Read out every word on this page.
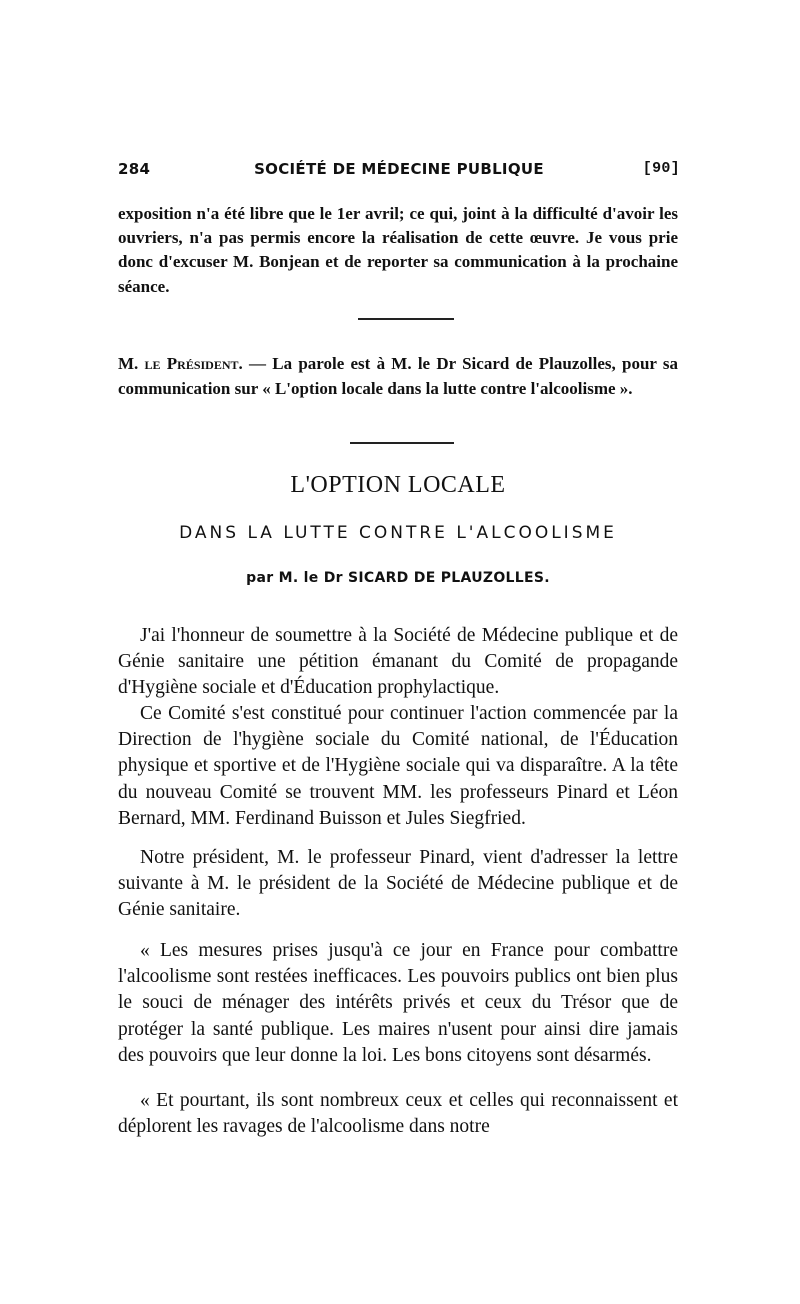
284	SOCIÉTÉ DE MÉDECINE PUBLIQUE	[90]

exposition n'a été libre que le 1er avril; ce qui, joint à la difficulté d'avoir les ouvriers, n'a pas permis encore la réalisation de cette œuvre. Je vous prie donc d'excuser M. Bonjean et de reporter sa communication à la prochaine séance.

M. le Président. — La parole est à M. le Dr Sicard de Plauzolles, pour sa communication sur « L'option locale dans la lutte contre l'alcoolisme ».

L'OPTION LOCALE
DANS LA LUTTE CONTRE L'ALCOOLISME
par M. le Dr SICARD DE PLAUZOLLES.

J'ai l'honneur de soumettre à la Société de Médecine publique et de Génie sanitaire une pétition émanant du Comité de propagande d'Hygiène sociale et d'Éducation prophylactique.

Ce Comité s'est constitué pour continuer l'action commencée par la Direction de l'hygiène sociale du Comité national, de l'Éducation physique et sportive et de l'Hygiène sociale qui va disparaître. A la tête du nouveau Comité se trouvent MM. les professeurs Pinard et Léon Bernard, MM. Ferdinand Buisson et Jules Siegfried.

Notre président, M. le professeur Pinard, vient d'adresser la lettre suivante à M. le président de la Société de Médecine publique et de Génie sanitaire.

« Les mesures prises jusqu'à ce jour en France pour combattre l'alcoolisme sont restées inefficaces. Les pouvoirs publics ont bien plus le souci de ménager des intérêts privés et ceux du Trésor que de protéger la santé publique. Les maires n'usent pour ainsi dire jamais des pouvoirs que leur donne la loi. Les bons citoyens sont désarmés.

« Et pourtant, ils sont nombreux ceux et celles qui reconnaissent et déplorent les ravages de l'alcoolisme dans notre
